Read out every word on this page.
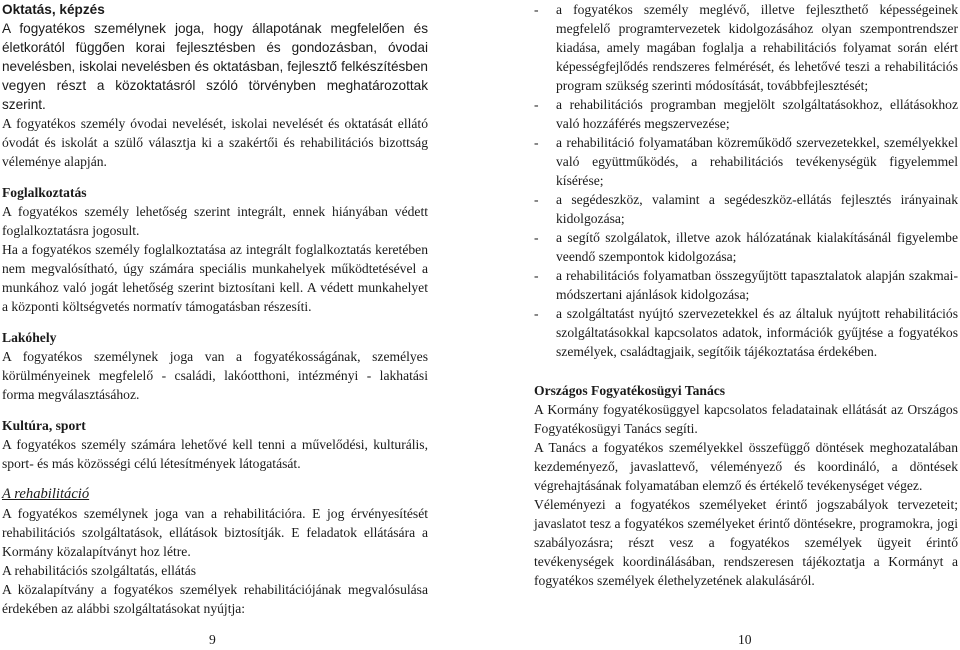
Oktatás, képzés

A fogyatékos személynek joga, hogy állapotának megfelelően és életkorától függően korai fejlesztésben és gondozásban, óvodai nevelésben, iskolai nevelésben és oktatásban, fejlesztő felkészítésben vegyen részt a közoktatásról szóló törvényben meghatározottak szerint.

A fogyatékos személy óvodai nevelését, iskolai nevelését és oktatását ellátó óvodát és iskolát a szülő választja ki a szakértői és rehabilitációs bizottság véleménye alapján.

Foglalkoztatás

A fogyatékos személy lehetőség szerint integrált, ennek hiányában védett foglalkoztatásra jogosult.

Ha a fogyatékos személy foglalkoztatása az integrált foglalkoztatás keretében nem megvalósítható, úgy számára speciális munkahelyek működtetésével a munkához való jogát lehetőség szerint biztosítani kell. A védett munkahelyet a központi költségvetés normatív támogatásban részesíti.

Lakóhely

A fogyatékos személynek joga van a fogyatékosságának, személyes körülményeinek megfelelő - családi, lakóotthoni, intézményi - lakhatási forma megválasztásához.

Kultúra, sport

A fogyatékos személy számára lehetővé kell tenni a művelődési, kulturális, sport- és más közösségi célú létesítmények látogatását.

A rehabilitáció

A fogyatékos személynek joga van a rehabilitációra. E jog érvényesítését rehabilitációs szolgáltatások, ellátások biztosítják. E feladatok ellátására a Kormány közalapítványt hoz létre.

A rehabilitációs szolgáltatás, ellátás

A közalapítvány a fogyatékos személyek rehabilitációjának megvalósulása érdekében az alábbi szolgáltatásokat nyújtja:

- a fogyatékos személy meglévő, illetve fejleszthető képességeinek megfelelő programtervezetek kidolgozásához olyan szempontrendszer kiadása, amely magában foglalja a rehabilitációs folyamat során elért képességfejlődés rendszeres felmérését, és lehetővé teszi a rehabilitációs program szükség szerinti módosítását, továbbfejlesztését;
- a rehabilitációs programban megjelölt szolgáltatásokhoz, ellátásokhoz való hozzáférés megszervezése;
- a rehabilitáció folyamatában közreműködő szervezetekkel, személyekkel való együttműködés, a rehabilitációs tevékenységük figyelemmel kísérése;
- a segédeszköz, valamint a segédeszköz-ellátás fejlesztés irányainak kidolgozása;
- a segítő szolgálatok, illetve azok hálózatának kialakításánál figyelembe veendő szempontok kidolgozása;
- a rehabilitációs folyamatban összegyűjtött tapasztalatok alapján szakmai-módszertani ajánlások kidolgozása;
- a szolgáltatást nyújtó szervezetekkel és az általuk nyújtott rehabilitációs szolgáltatásokkal kapcsolatos adatok, információk gyűjtése a fogyatékos személyek, családtagjaik, segítőik tájékoztatása érdekében.
Országos Fogyatékosügyi Tanács

A Kormány fogyatékosüggyel kapcsolatos feladatainak ellátását az Országos Fogyatékosügyi Tanács segíti.

A Tanács a fogyatékos személyekkel összefüggő döntések meghozatalában kezdeményező, javaslattevő, véleményező és koordináló, a döntések végrehajtásának folyamatában elemző és értékelő tevékenységet végez.

Véleményezi a fogyatékos személyeket érintő jogszabályok tervezeteit; javaslatot tesz a fogyatékos személyeket érintő döntésekre, programokra, jogi szabályozásra; részt vesz a fogyatékos személyek ügyeit érintő tevékenységek koordinálásában, rendszeresen tájékoztatja a Kormányt a fogyatékos személyek élethelyzetének alakulásáról.

9	10
